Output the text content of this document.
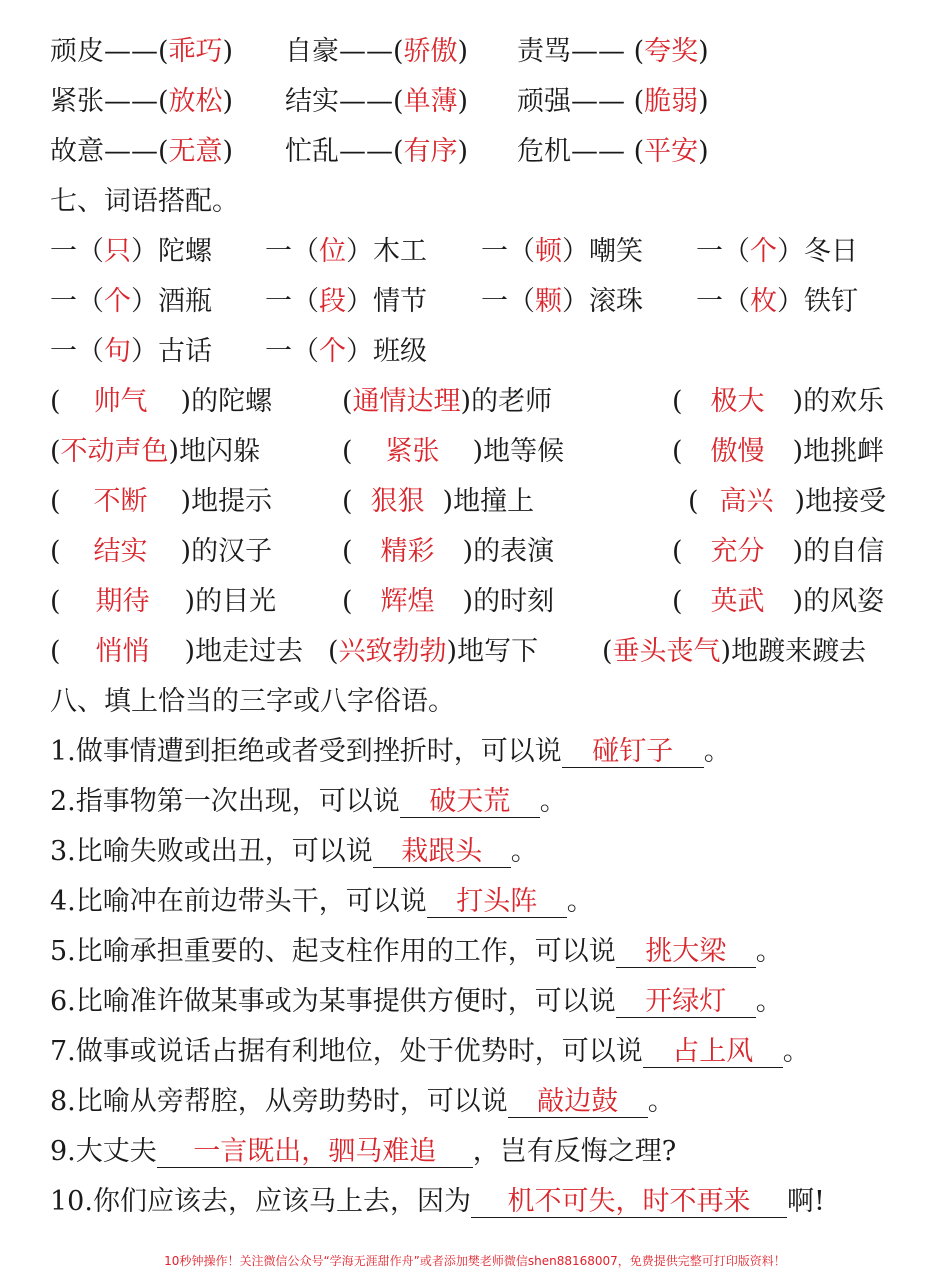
顽皮——(乖巧) 自豪——(骄傲) 责骂—— (夸奖)
紧张——(放松) 结实——(单薄) 顽强—— (脆弱)
故意——(无意) 忙乱——(有序) 危机—— (平安)
七、词语搭配。
一（只）陀螺 一（位）木工 一（顿）嘲笑 一（个）冬日
一（个）酒瓶 一（段）情节 一（颗）滚珠 一（枚）铁钉
一（句）古话 一（个）班级
( 帅气 )的陀螺	(通情达理)的老师	( 极大 )的欢乐
(不动声色)地闪躲	( 紧张 )地等候	( 傲慢 )地挑衅
( 不断 )地提示	( 狠狠 )地撞上	( 高兴 )地接受
( 结实 )的汉子	( 精彩 )的表演	( 充分 )的自信
( 期待 )的目光 ( 辉煌 )的时刻	( 英武 )的风姿
( 悄悄 )地走过去 (兴致勃勃)地写下 (垂头丧气)地踱来踱去
八、填上恰当的三字或八字俗语。
1.做事情遭到拒绝或者受到挫折时，可以说 碰钉子 。
2.指事物第一次出现，可以说 破天荒 。
3.比喻失败或出丑，可以说 栽跟头 。
4.比喻冲在前边带头干，可以说 打头阵 。
5.比喻承担重要的、起支柱作用的工作，可以说 挑大梁 。
6.比喻准许做某事或为某事提供方便时，可以说 开绿灯 。
7.做事或说话占据有利地位，处于优势时，可以说 占上风 。
8.比喻从旁帮腔，从旁助势时，可以说 敲边鼓 。
9.大丈夫 一言既出，驷马难追 ，岂有反悔之理?
10.你们应该去，应该马上去，因为 机不可失，时不再来 啊!
10秒钟操作！关注微信公众号“学海无涯甜作舟”或者添加樊老师微信shen88168007，免费提供完整可打印版资料！
